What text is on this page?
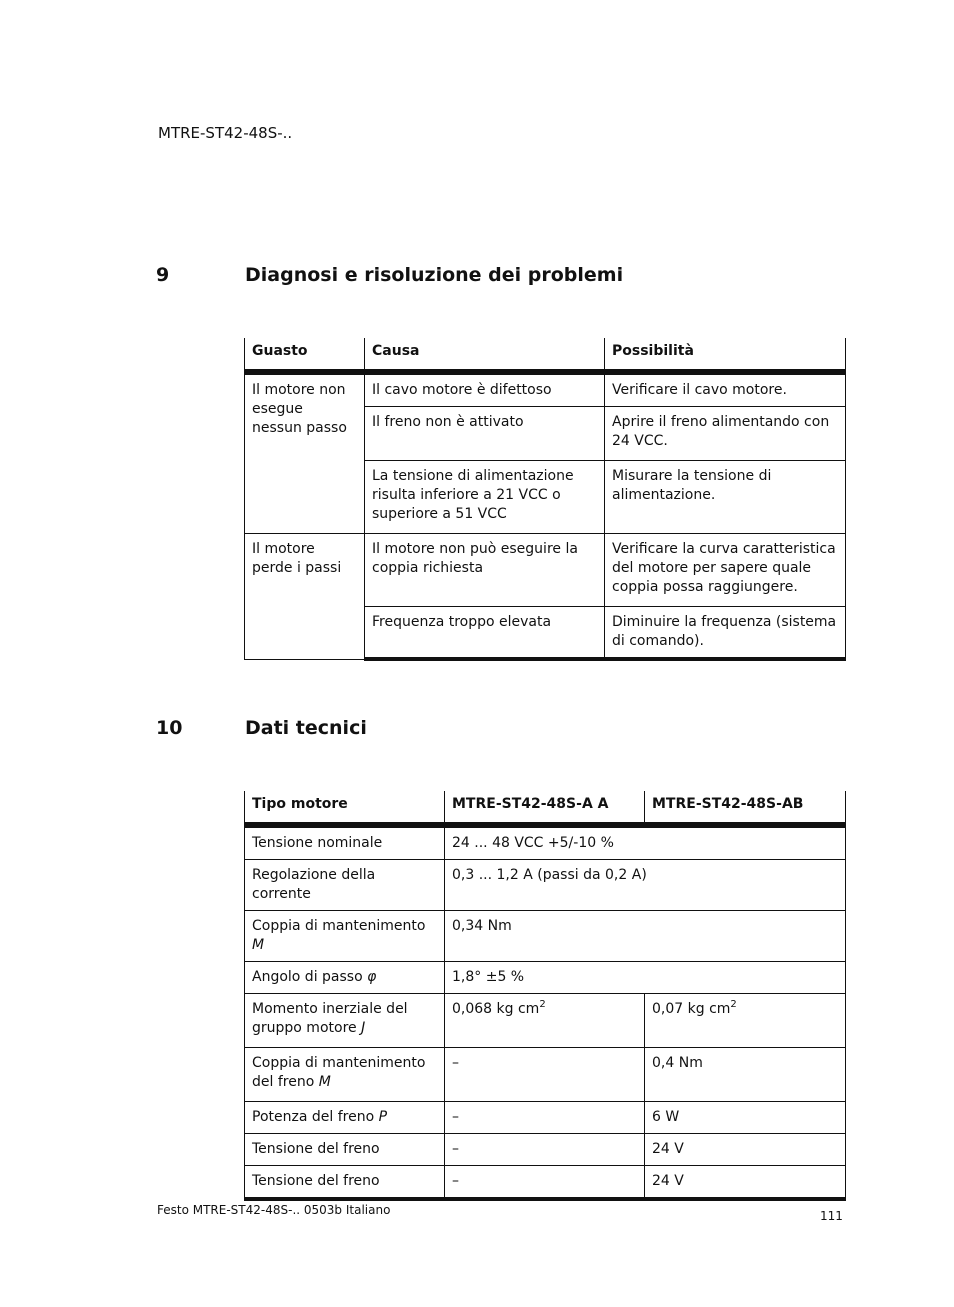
MTRE-ST42-48S-..
9	Diagnosi e risoluzione dei problemi
Guasto	Causa	Possibilità
Il motore non esegue nessun passo	Il cavo motore è difettoso	Verificare il cavo motore.
	Il freno non è attivato	Aprire il freno alimentando con 24 VCC.
	La tensione di alimentazione risulta inferiore a 21 VCC o superiore a 51 VCC	Misurare la tensione di alimentazione.
Il motore perde i passi	Il motore non può eseguire la coppia richiesta	Verificare la curva caratteristica del motore per sapere quale coppia possa raggiungere.
	Frequenza troppo elevata	Diminuire la frequenza (sistema di comando).
10	Dati tecnici
Tipo motore	MTRE-ST42-48S-A A	MTRE-ST42-48S-AB
Tensione nominale	24 ... 48 VCC +5/-10 %	
Regolazione della corrente	0,3 ... 1,2 A (passi da 0,2 A)	
Coppia di mantenimento M	0,34 Nm	
Angolo di passo φ	1,8° ±5 %	
Momento inerziale del gruppo motore J	0,068 kg $cm^2$	0,07 kg $cm^2$
Coppia di mantenimento del freno M	–	0,4 Nm
Potenza del freno P	–	6 W
Tensione del freno	–	24 V
Tensione del freno	–	24 V
Festo MTRE-ST42-48S-.. 0503b Italiano	111
